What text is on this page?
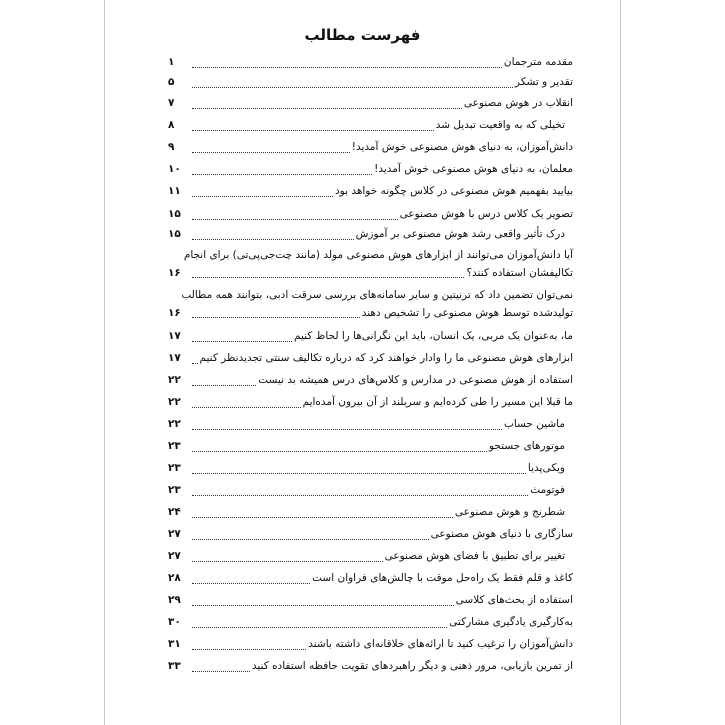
فهرست مطالب
مقدمه مترجمان
۱
تقدیر و تشکر
۵
انقلاب در هوش مصنوعی
۷
تخیلی که به واقعیت تبدیل شد
۸
دانش‌آموزان، به دنیای هوش مصنوعی خوش آمدید!
۹
معلمان، به دنیای هوش مصنوعی خوش آمدید!
۱۰
بیایید بفهمیم هوش مصنوعی در کلاس چگونه خواهد بود
۱۱
تصویر یک کلاس درس با هوش مصنوعی
۱۵
درک تأثیر واقعی رشد هوش مصنوعی بر آموزش
۱۵
آیا دانش‌آموزان می‌توانند از ابزارهای هوش مصنوعی مولد (مانند چت‌جی‌پی‌تی) برای انجام
تکالیفشان استفاده کنند؟
۱۶
نمی‌توان تضمین داد که ترنیتین و سایر سامانه‌های بررسی سرقت ادبی، بتوانند همه مطالب
تولیدشده توسط هوش مصنوعی را تشخیص دهند
۱۶
ما، به‌عنوان یک مربی، یک انسان، باید این نگرانی‌ها را لحاظ کنیم
۱۷
ابزارهای هوش مصنوعی ما را وادار خواهند کرد که درباره تکالیف سنتی تجدیدنظر کنیم
۱۷
استفاده از هوش مصنوعی در مدارس و کلاس‌های درس همیشه بد نیست
۲۲
ما قبلا این مسیر را طی کرده‌ایم و سربلند از آن بیرون آمده‌ایم
۲۲
ماشین حساب
۲۲
موتورهای جستجو
۲۳
ویکی‌پدیا
۲۳
فوتومث
۲۳
شطرنج و هوش مصنوعی
۲۴
سازگاری با دنیای هوش مصنوعی
۲۷
تغییر برای تطبیق با فضای هوش مصنوعی
۲۷
کاغذ و قلم فقط یک راه‌حل موقت با چالش‌های فراوان است
۲۸
استفاده از بحث‌های کلاسی
۲۹
به‌کارگیری یادگیری مشارکتی
۳۰
دانش‌آموزان را ترغیب کنید تا ارائه‌های خلاقانه‌ای داشته باشند
۳۱
از تمرین بازیابی، مرور ذهنی و دیگر راهبردهای تقویت حافظه استفاده کنید
۳۳
